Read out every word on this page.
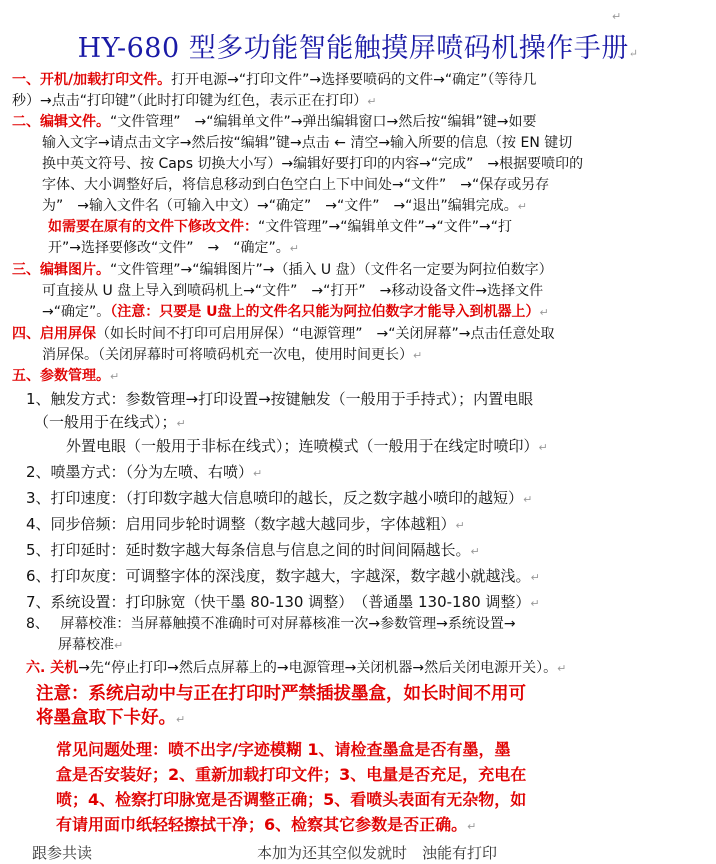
↵
HY-680 型多功能智能触摸屏喷码机操作手册↵
一、开机/加载打印文件。打开电源→“打印文件”→选择要喷码的文件→“确定”（等待几
秒）→点击“打印键”（此时打印键为红色，表示正在打印）↵
二、编辑文件。“文件管理”　→“编辑单文件”→弹出编辑窗口→然后按“编辑”键→如要
输入文字→请点击文字→然后按“编辑”键→点击 ← 清空→输入所要的信息（按 EN 键切
换中英文符号、按 Caps 切换大小写）→编辑好要打印的内容→“完成”　→根据要喷印的
字体、大小调整好后，将信息移动到白色空白上下中间处→“文件”　→“保存或另存
为”　→输入文件名（可输入中文）→“确定”　→“文件”　→“退出”编辑完成。↵
如需要在原有的文件下修改文件：“文件管理”→“编辑单文件”→“文件”→“打
开”→选择要修改“文件”　→　“确定”。↵
三、编辑图片。“文件管理”→“编辑图片”→（插入 U 盘）（文件名一定要为阿拉伯数字）
可直接从 U 盘上导入到喷码机上→“文件”　→“打开”　→移动设备文件→选择文件
→“确定”。（注意：只要是 U盘上的文件名只能为阿拉伯数字才能导入到机器上）↵
四、启用屏保（如长时间不打印可启用屏保）“电源管理”　→“关闭屏幕”→点击任意处取
消屏保。（关闭屏幕时可将喷码机充一次电，使用时间更长）↵
五、参数管理。↵
1、触发方式：参数管理→打印设置→按键触发（一般用于手持式）；内置电眼
（一般用于在线式）；↵
外置电眼（一般用于非标在线式）；连喷模式（一般用于在线定时喷印）↵
2、喷墨方式：（分为左喷、右喷）↵
3、打印速度：（打印数字越大信息喷印的越长，反之数字越小喷印的越短）↵
4、同步倍频：启用同步轮时调整（数字越大越同步，字体越粗）↵
5、打印延时：延时数字越大每条信息与信息之间的时间间隔越长。↵
6、打印灰度：可调整字体的深浅度，数字越大，字越深，数字越小就越浅。↵
7、系统设置：打印脉宽（快干墨 80-130 调整）　（普通墨 130-180 调整）↵
8、　 屏幕校准：当屏幕触摸不准确时可对屏幕核准一次→参数管理→系统设置→
屏幕校准↵
六. 关机→先“停止打印→然后点屏幕上的→电源管理→关闭机器→然后关闭电源开关）。↵
注意：系统启动中与正在打印时严禁插拔墨盒，如长时间不用可
将墨盒取下卡好。↵
常见问题处理：喷不出字/字迹模糊 1、请检查墨盒是否有墨，墨
盒是否安装好；2、重新加载打印文件；3、电量是否充足，充电在
喷；4、检察打印脉宽是否调整正确；5、看喷头表面有无杂物，如
有请用面巾纸轻轻擦拭干净；6、检察其它参数是否正确。↵
跟参共读　　　　　　　　　　　本加为还其空似发就时　浊能有打印
